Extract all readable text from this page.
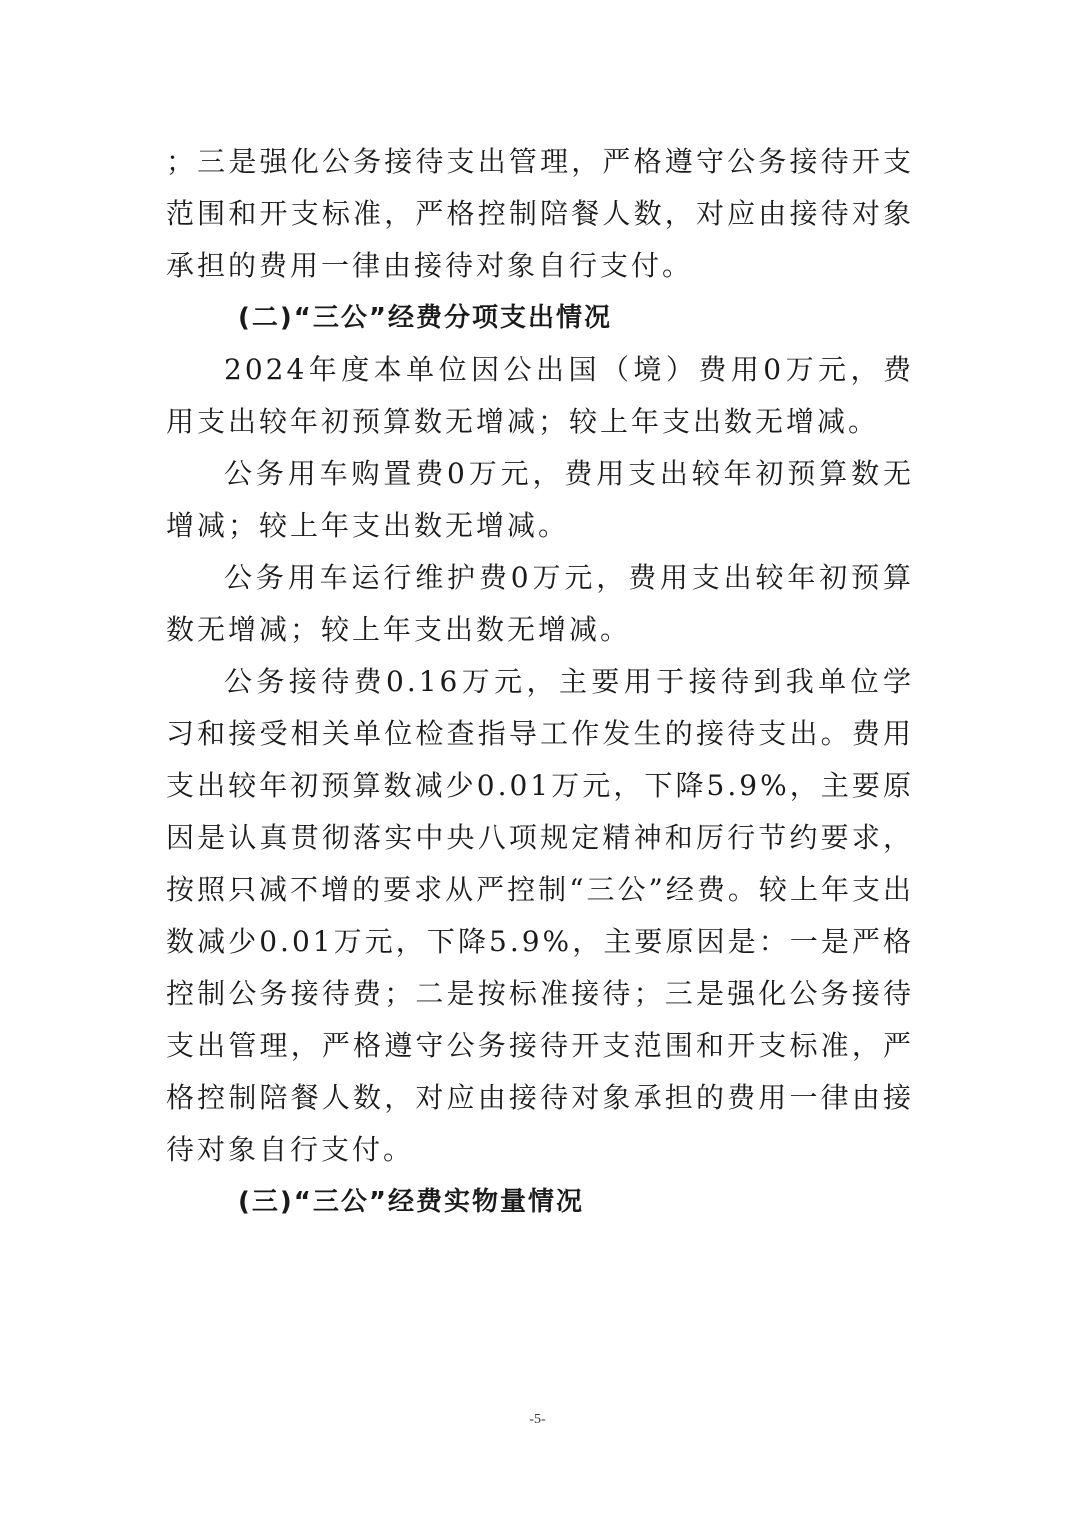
；三是强化公务接待支出管理，严格遵守公务接待开支范围和开支标准，严格控制陪餐人数，对应由接待对象承担的费用一律由接待对象自行支付。

(二)“三公”经费分项支出情况

2024年度本单位因公出国（境）费用0万元，费用支出较年初预算数无增减；较上年支出数无增减。

公务用车购置费0万元，费用支出较年初预算数无增减；较上年支出数无增减。

公务用车运行维护费0万元，费用支出较年初预算数无增减；较上年支出数无增减。

公务接待费0.16万元，主要用于接待到我单位学习和接受相关单位检查指导工作发生的接待支出。费用支出较年初预算数减少0.01万元，下降5.9%，主要原因是认真贯彻落实中央八项规定精神和厉行节约要求，按照只减不增的要求从严控制“三公”经费。较上年支出数减少0.01万元，下降5.9%，主要原因是：一是严格控制公务接待费；二是按标准接待；三是强化公务接待支出管理，严格遵守公务接待开支范围和开支标准，严格控制陪餐人数，对应由接待对象承担的费用一律由接待对象自行支付。

(三)“三公”经费实物量情况

-5-
